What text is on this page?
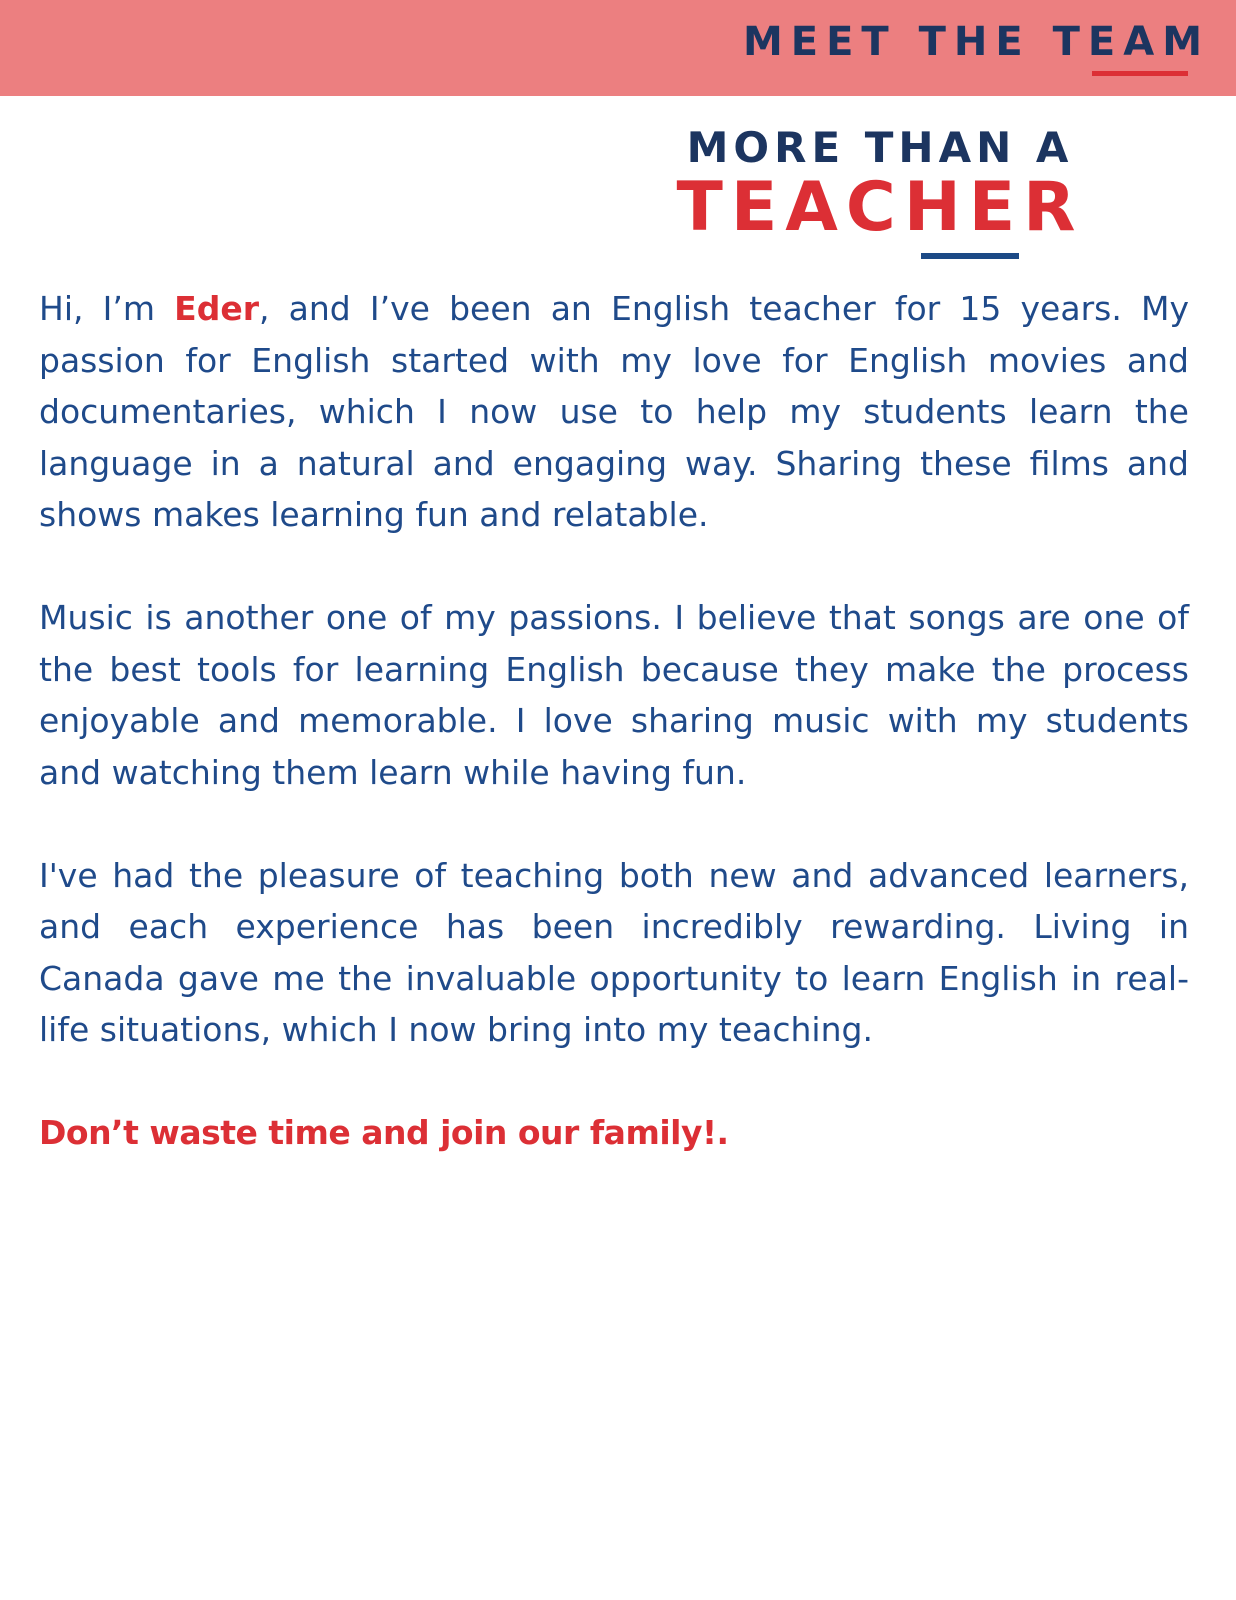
MEET THE TEAM
MORE THAN A
TEACHER

Hi, I’m Eder, and I’ve been an English teacher for 15 years. My passion for English started with my love for English movies and documentaries, which I now use to help my students learn the language in a natural and engaging way. Sharing these films and shows makes learning fun and relatable.

Music is another one of my passions. I believe that songs are one of the best tools for learning English because they make the process enjoyable and memorable. I love sharing music with my students and watching them learn while having fun.

I've had the pleasure of teaching both new and advanced learners, and each experience has been incredibly rewarding. Living in Canada gave me the invaluable opportunity to learn English in real-life situations, which I now bring into my teaching.

Don’t waste time and join our family!.
